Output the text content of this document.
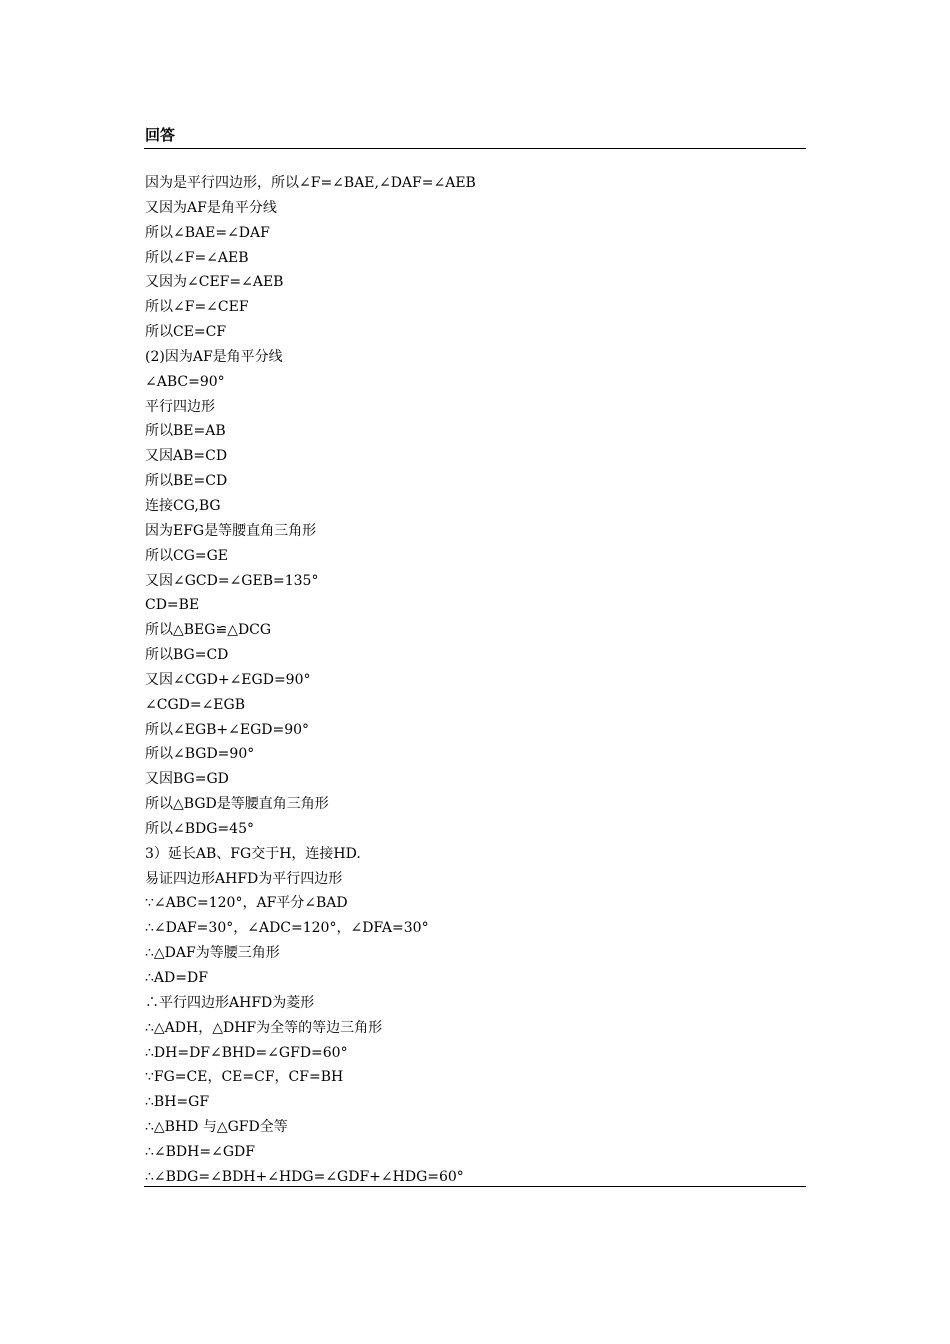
回答
因为是平行四边形，所以∠F=∠BAE,∠DAF=∠AEB
又因为AF是角平分线
所以∠BAE=∠DAF
所以∠F=∠AEB
又因为∠CEF=∠AEB
所以∠F=∠CEF
所以CE=CF
(2)因为AF是角平分线
∠ABC=90°
平行四边形
所以BE=AB
又因AB=CD
所以BE=CD
连接CG,BG
因为EFG是等腰直角三角形
所以CG=GE
又因∠GCD=∠GEB=135°
CD=BE
所以△BEG≌△DCG
所以BG=CD
又因∠CGD+∠EGD=90°
∠CGD=∠EGB
所以∠EGB+∠EGD=90°
所以∠BGD=90°
又因BG=GD
所以△BGD是等腰直角三角形
所以∠BDG=45°
3）延长AB、FG交于H，连接HD.
易证四边形AHFD为平行四边形
∵∠ABC=120°，AF平分∠BAD
∴∠DAF=30°，∠ADC=120°，∠DFA=30°
∴△DAF为等腰三角形
∴AD=DF
∴平行四边形AHFD为菱形
∴△ADH，△DHF为全等的等边三角形
∴DH=DF∠BHD=∠GFD=60°
∵FG=CE，CE=CF，CF=BH
∴BH=GF
∴△BHD 与△GFD全等
∴∠BDH=∠GDF
∴∠BDG=∠BDH+∠HDG=∠GDF+∠HDG=60°
